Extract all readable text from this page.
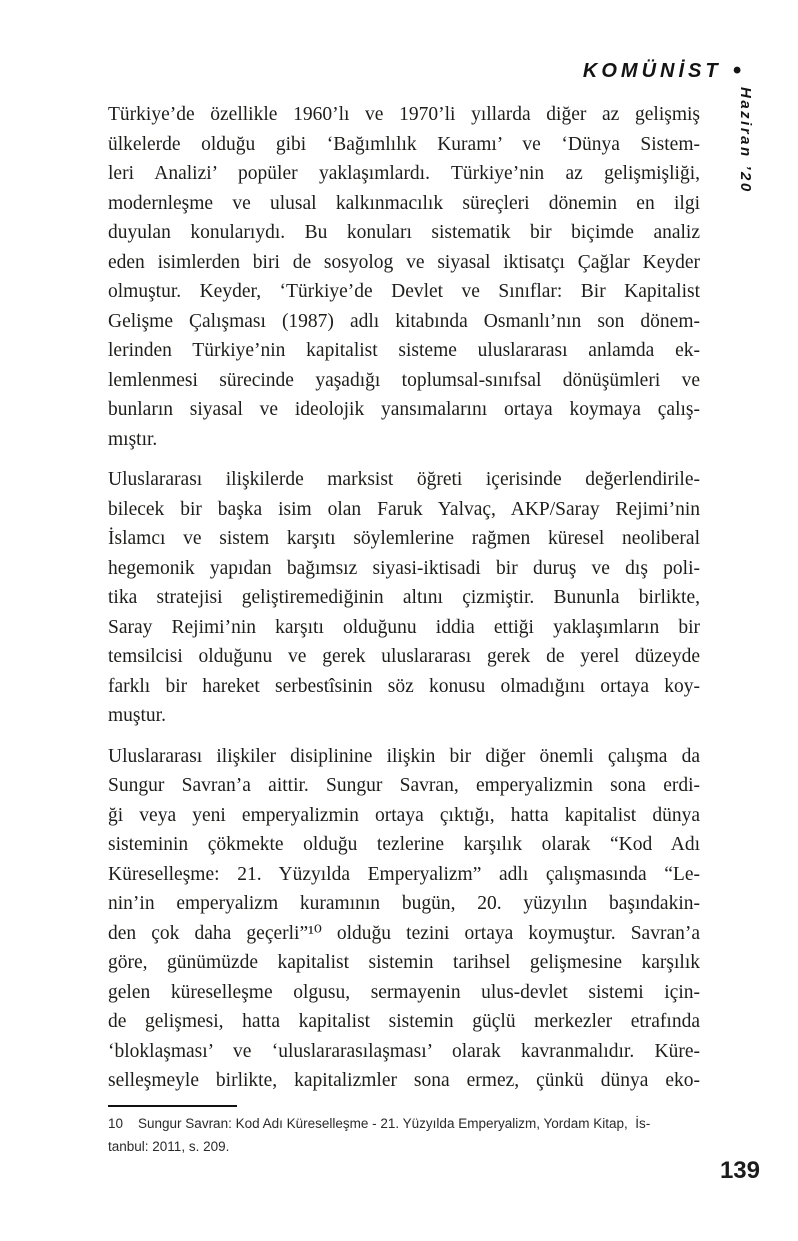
KOMÜNİST •
Haziran ’20
Türkiye’de özellikle 1960’lı ve 1970’li yıllarda diğer az gelişmiş
ülkelerde olduğu gibi ‘Bağımlılık Kuramı’ ve ‘Dünya Sistem-
leri Analizi’ popüler yaklaşımlardı. Türkiye’nin az gelişmişliği,
modernleşme ve ulusal kalkınmacılık süreçleri dönemin en ilgi
duyulan konularıydı. Bu konuları sistematik bir biçimde analiz
eden isimlerden biri de sosyolog ve siyasal iktisatçı Çağlar Keyder
olmuştur. Keyder, ‘Türkiye’de Devlet ve Sınıflar: Bir Kapitalist
Gelişme Çalışması (1987) adlı kitabında Osmanlı’nın son dönem-
lerinden Türkiye’nin kapitalist sisteme uluslararası anlamda ek-
lemlenmesi sürecinde yaşadığı toplumsal-sınıfsal dönüşümleri ve
bunların siyasal ve ideolojik yansımalarını ortaya koymaya çalış-
mıştır.
Uluslararası ilişkilerde marksist öğreti içerisinde değerlendirile-
bilecek bir başka isim olan Faruk Yalvaç, AKP/Saray Rejimi’nin
İslamcı ve sistem karşıtı söylemlerine rağmen küresel neoliberal
hegemonik yapıdan bağımsız siyasi-iktisadi bir duruş ve dış poli-
tika stratejisi geliştiremediğinin altını çizmiştir. Bununla birlikte,
Saray Rejimi’nin karşıtı olduğunu iddia ettiği yaklaşımların bir
temsilcisi olduğunu ve gerek uluslararası gerek de yerel düzeyde
farklı bir hareket serbestîsinin söz konusu olmadığını ortaya koy-
muştur.
Uluslararası ilişkiler disiplinine ilişkin bir diğer önemli çalışma da
Sungur Savran’a aittir. Sungur Savran, emperyalizmin sona erdi-
ği veya yeni emperyalizmin ortaya çıktığı, hatta kapitalist dünya
sisteminin çökmekte olduğu tezlerine karşılık olarak “Kod Adı
Küreselleşme: 21. Yüzyılda Emperyalizm” adlı çalışmasında “Le-
nin’in emperyalizm kuramının bugün, 20. yüzyılın başındakin-
den çok daha geçerli”¹⁰ olduğu tezini ortaya koymuştur. Savran’a
göre, günümüzde kapitalist sistemin tarihsel gelişmesine karşılık
gelen küreselleşme olgusu, sermayenin ulus-devlet sistemi için-
de gelişmesi, hatta kapitalist sistemin güçlü merkezler etrafında
‘bloklaşması’ ve ‘uluslararasılaşması’ olarak kavranmalıdır. Küre-
selleşmeyle birlikte, kapitalizmler sona ermez, çünkü dünya eko-
10    Sungur Savran: Kod Adı Küreselleşme - 21. Yüzyılda Emperyalizm, Yordam Kitap,  İs-
tanbul: 2011, s. 209.
139
